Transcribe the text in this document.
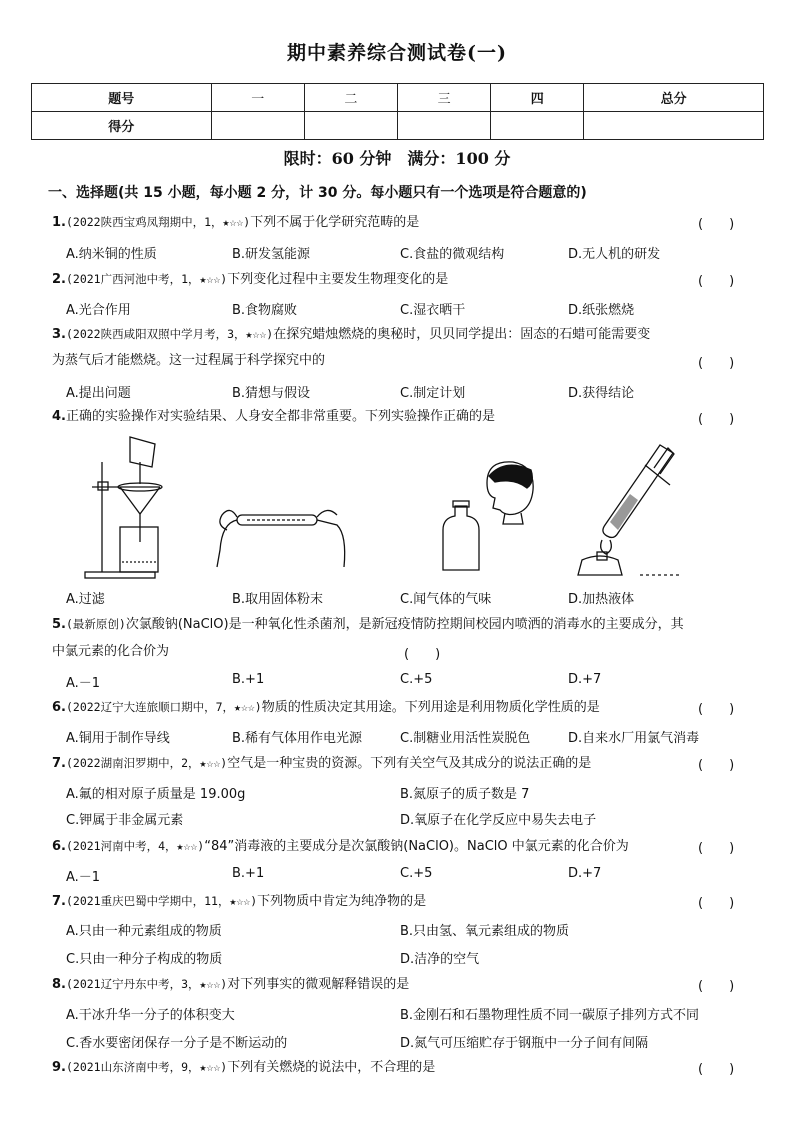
期中素养综合测试卷(一)
题号	一	二	三	四	总分
得分					
限时：60 分钟　满分：100 分
一、选择题(共 15 小题，每小题 2 分，计 30 分。每小题只有一个选项是符合题意的)
1.(2022陕西宝鸡凤翔期中，1，★☆☆)下列不属于化学研究范畴的是	(　　)
A.纳米铜的性质	B.研发氢能源	C.食盐的微观结构	D.无人机的研发
2.(2021广西河池中考，1，★☆☆)下列变化过程中主要发生物理变化的是	(　　)
A.光合作用	B.食物腐败	C.湿衣晒干	D.纸张燃烧
3.(2022陕西咸阳双照中学月考，3，★☆☆)在探究蜡烛燃烧的奥秘时，贝贝同学提出：固态的石蜡可能需要变
为蒸气后才能燃烧。这一过程属于科学探究中的	(　　)
A.提出问题	B.猜想与假设	C.制定计划	D.获得结论
4.正确的实验操作对实验结果、人身安全都非常重要。下列实验操作正确的是	(　　)
A.过滤	B.取用固体粉末	C.闻气体的气味	D.加热液体
5.(最新原创)次氯酸钠(NaClO)是一种氧化性杀菌剂，是新冠疫情防控期间校园内喷洒的消毒水的主要成分，其
中氯元素的化合价为	(　　)
A.－1	B.+1	C.+5	D.+7
6.(2022辽宁大连旅顺口期中，7，★☆☆)物质的性质决定其用途。下列用途是利用物质化学性质的是	(　　)
A.铜用于制作导线	B.稀有气体用作电光源	C.制糖业用活性炭脱色	D.自来水厂用氯气消毒
7.(2022湖南汨罗期中，2，★☆☆)空气是一种宝贵的资源。下列有关空气及其成分的说法正确的是	(　　)
A.氟的相对原子质量是 19.00g	B.氮原子的质子数是 7
C.钾属于非金属元素	D.氧原子在化学反应中易失去电子
6.(2021河南中考，4，★☆☆)“84”消毒液的主要成分是次氯酸钠(NaClO)。NaClO 中氯元素的化合价为	(　　)
A.－1	B.+1	C.+5	D.+7
7.(2021重庆巴蜀中学期中，11，★☆☆)下列物质中肯定为纯净物的是	(　　)
A.只由一种元素组成的物质	B.只由氢、氧元素组成的物质
C.只由一种分子构成的物质	D.洁净的空气
8.(2021辽宁丹东中考，3，★☆☆)对下列事实的微观解释错误的是	(　　)
A.干冰升华一分子的体积变大	B.金刚石和石墨物理性质不同一碳原子排列方式不同
C.香水要密闭保存一分子是不断运动的	D.氮气可压缩贮存于钢瓶中一分子间有间隔
9.(2021山东济南中考，9，★☆☆)下列有关燃烧的说法中，不合理的是	(　　)
